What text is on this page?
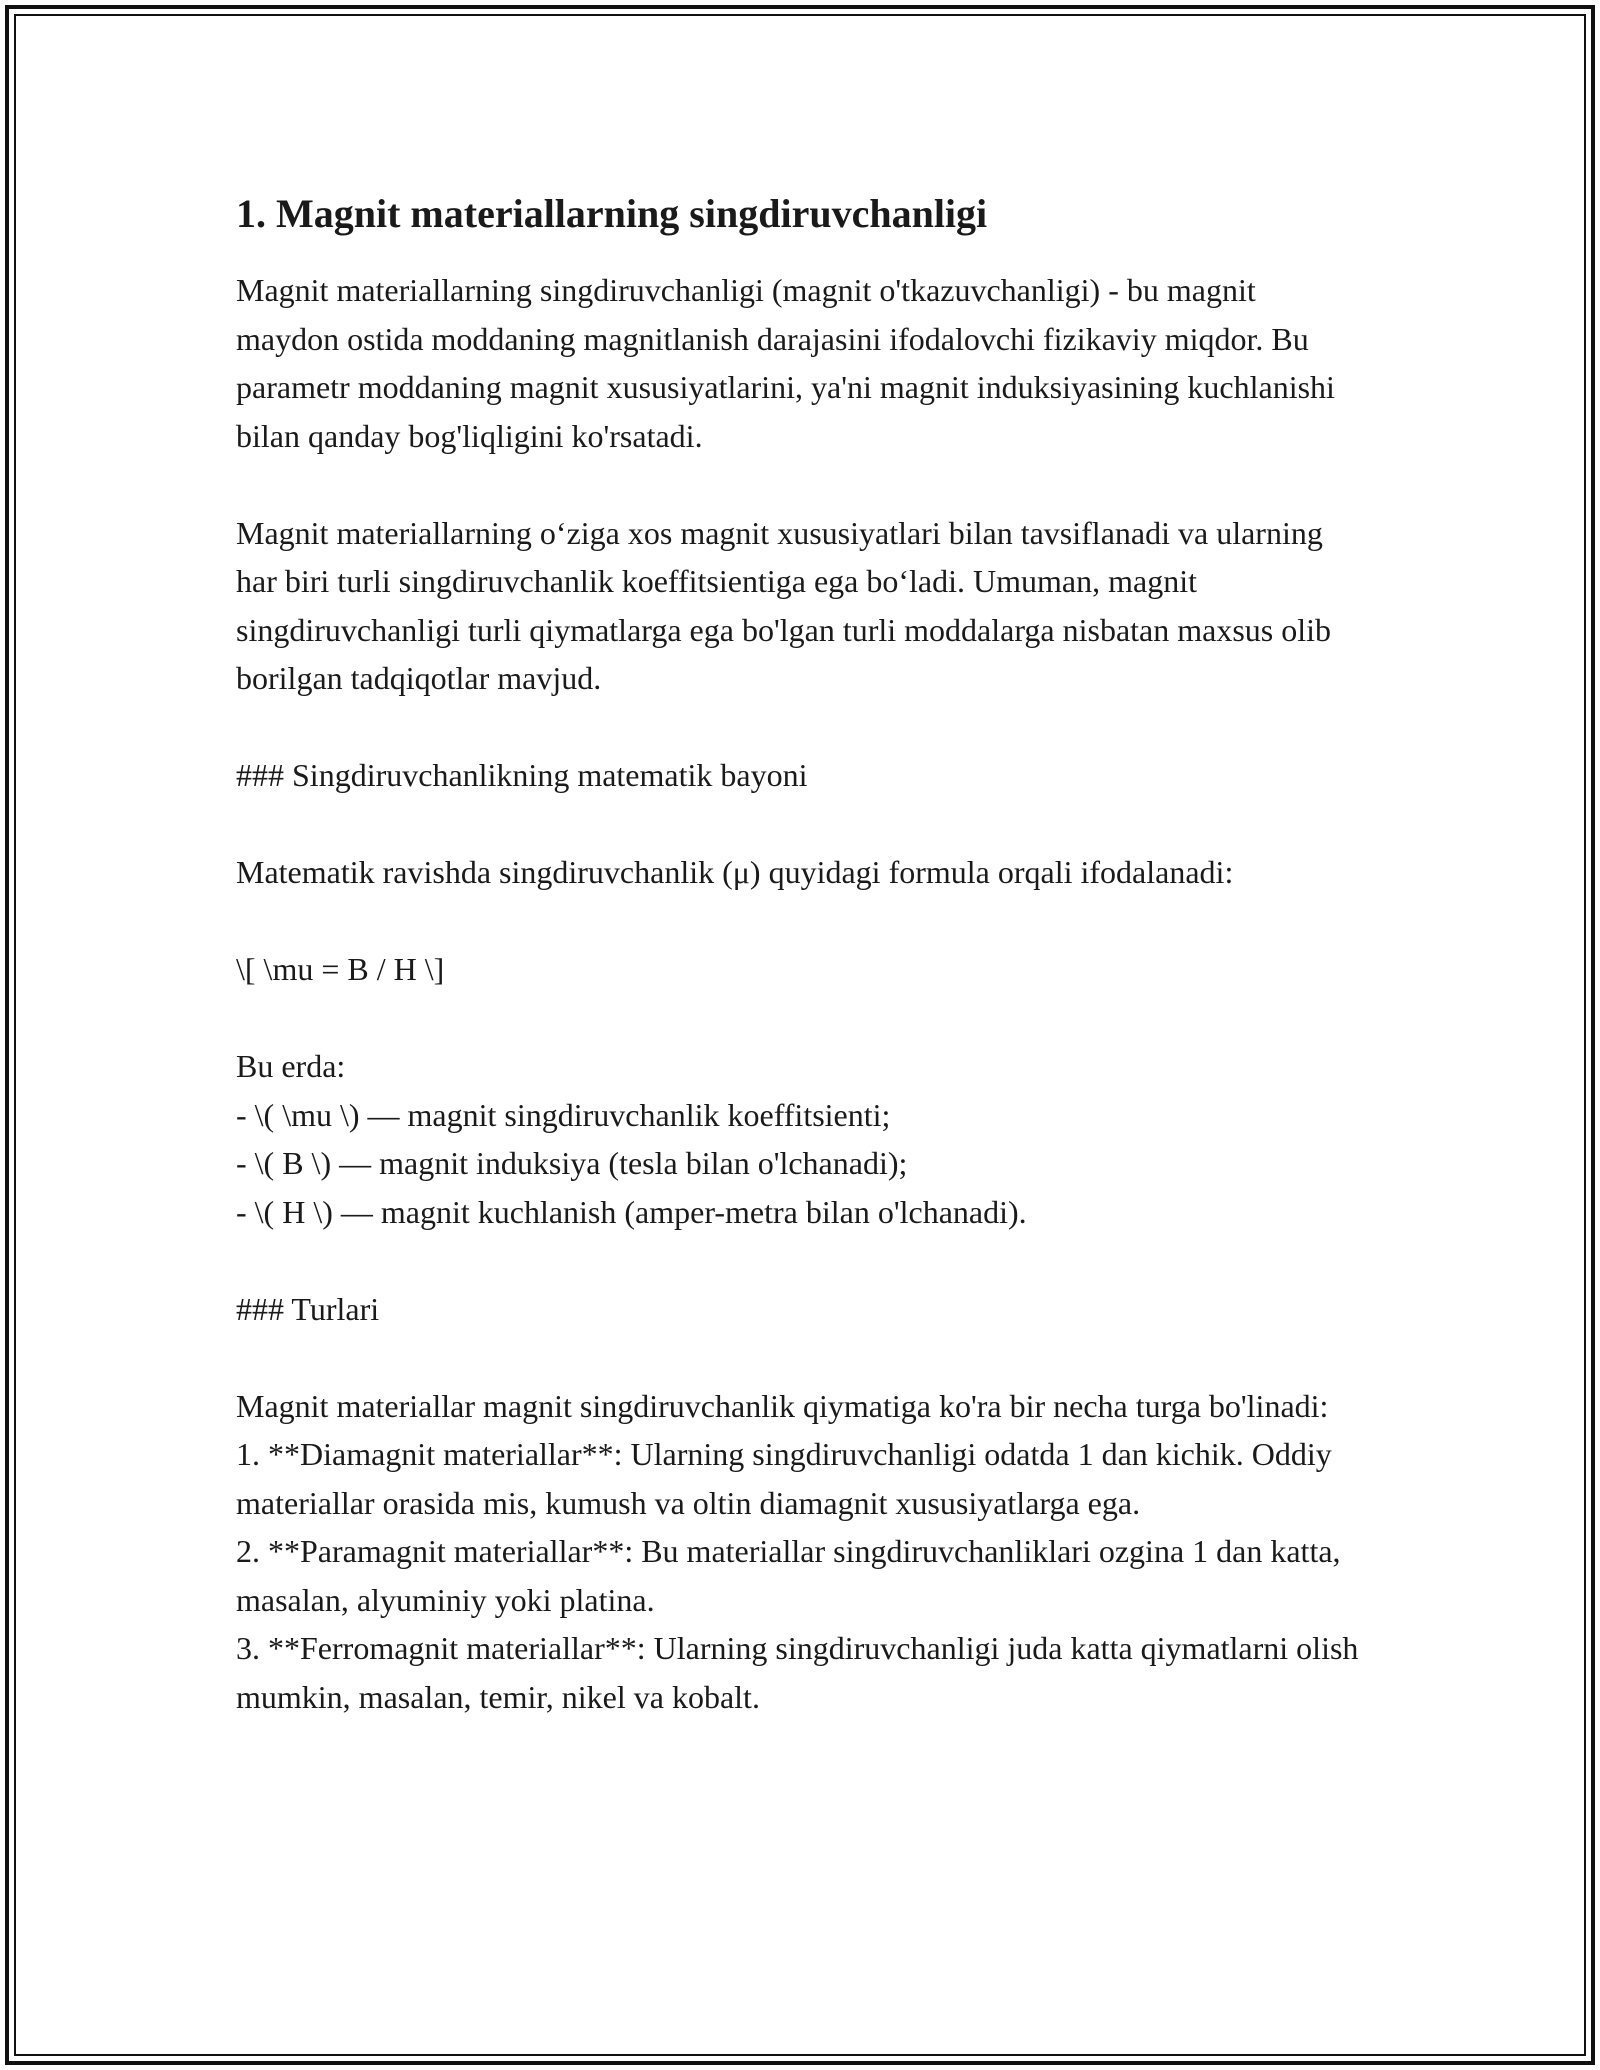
1. Magnit materiallarning singdiruvchanligi

Magnit materiallarning singdiruvchanligi (magnit o'tkazuvchanligi) - bu magnit maydon ostida moddaning magnitlanish darajasini ifodalovchi fizikaviy miqdor. Bu parametr moddaning magnit xususiyatlarini, ya'ni magnit induksiyasining kuchlanishi bilan qanday bog'liqligini ko'rsatadi.

Magnit materiallarning o‘ziga xos magnit xususiyatlari bilan tavsiflanadi va ularning har biri turli singdiruvchanlik koeffitsientiga ega bo‘ladi. Umuman, magnit singdiruvchanligi turli qiymatlarga ega bo'lgan turli moddalarga nisbatan maxsus olib borilgan tadqiqotlar mavjud.

### Singdiruvchanlikning matematik bayoni

Matematik ravishda singdiruvchanlik (μ) quyidagi formula orqali ifodalanadi:

\[ \mu = B / H \]

Bu erda:

- \( \mu \) — magnit singdiruvchanlik koeffitsienti;

- \( B \) — magnit induksiya (tesla bilan o'lchanadi);

- \( H \) — magnit kuchlanish (amper-metra bilan o'lchanadi).

### Turlari

Magnit materiallar magnit singdiruvchanlik qiymatiga ko'ra bir necha turga bo'linadi:

1. **Diamagnit materiallar**: Ularning singdiruvchanligi odatda 1 dan kichik. Oddiy materiallar orasida mis, kumush va oltin diamagnit xususiyatlarga ega.

2. **Paramagnit materiallar**: Bu materiallar singdiruvchanliklari ozgina 1 dan katta, masalan, alyuminiy yoki platina.

3. **Ferromagnit materiallar**: Ularning singdiruvchanligi juda katta qiymatlarni olish mumkin, masalan, temir, nikel va kobalt.
